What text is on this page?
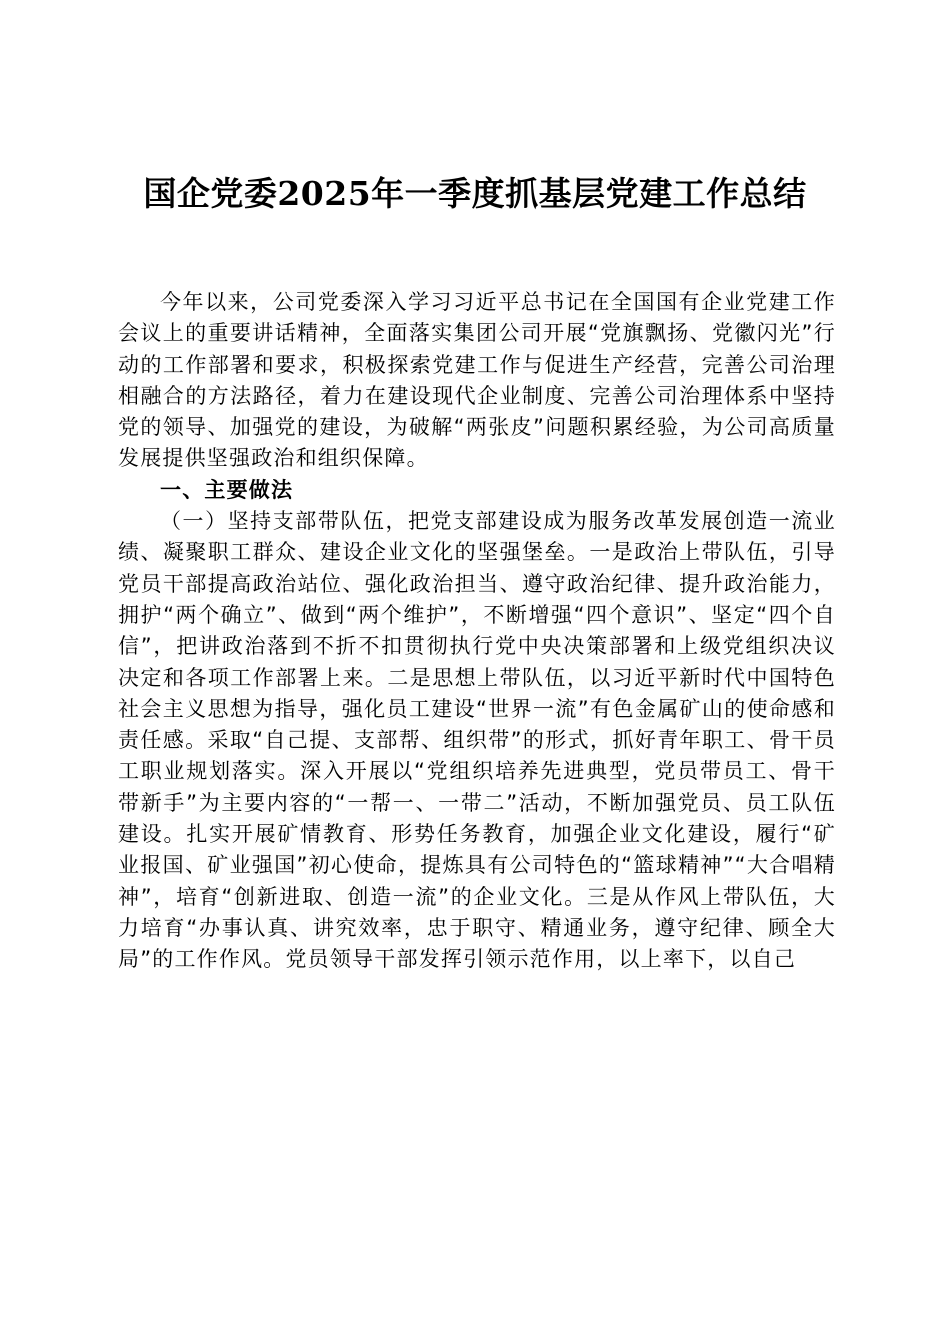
国企党委2025年一季度抓基层党建工作总结

今年以来，公司党委深入学习习近平总书记在全国国有企业党建工作会议上的重要讲话精神，全面落实集团公司开展“党旗飘扬、党徽闪光”行动的工作部署和要求，积极探索党建工作与促进生产经营，完善公司治理相融合的方法路径，着力在建设现代企业制度、完善公司治理体系中坚持党的领导、加强党的建设，为破解“两张皮”问题积累经验，为公司高质量发展提供坚强政治和组织保障。

一、主要做法

（一）坚持支部带队伍，把党支部建设成为服务改革发展创造一流业绩、凝聚职工群众、建设企业文化的坚强堡垒。一是政治上带队伍，引导党员干部提高政治站位、强化政治担当、遵守政治纪律、提升政治能力，拥护“两个确立”、做到“两个维护”，不断增强“四个意识”、坚定“四个自信”，把讲政治落到不折不扣贯彻执行党中央决策部署和上级党组织决议决定和各项工作部署上来。二是思想上带队伍，以习近平新时代中国特色社会主义思想为指导，强化员工建设“世界一流”有色金属矿山的使命感和责任感。采取“自己提、支部帮、组织带”的形式，抓好青年职工、骨干员工职业规划落实。深入开展以“党组织培养先进典型，党员带员工、骨干带新手”为主要内容的“一帮一、一带二”活动，不断加强党员、员工队伍建设。扎实开展矿情教育、形势任务教育，加强企业文化建设，履行“矿业报国、矿业强国”初心使命，提炼具有公司特色的“篮球精神”“大合唱精神”，培育“创新进取、创造一流”的企业文化。三是从作风上带队伍，大力培育“办事认真、讲究效率，忠于职守、精通业务，遵守纪律、顾全大局”的工作作风。党员领导干部发挥引领示范作用，以上率下，以自己
